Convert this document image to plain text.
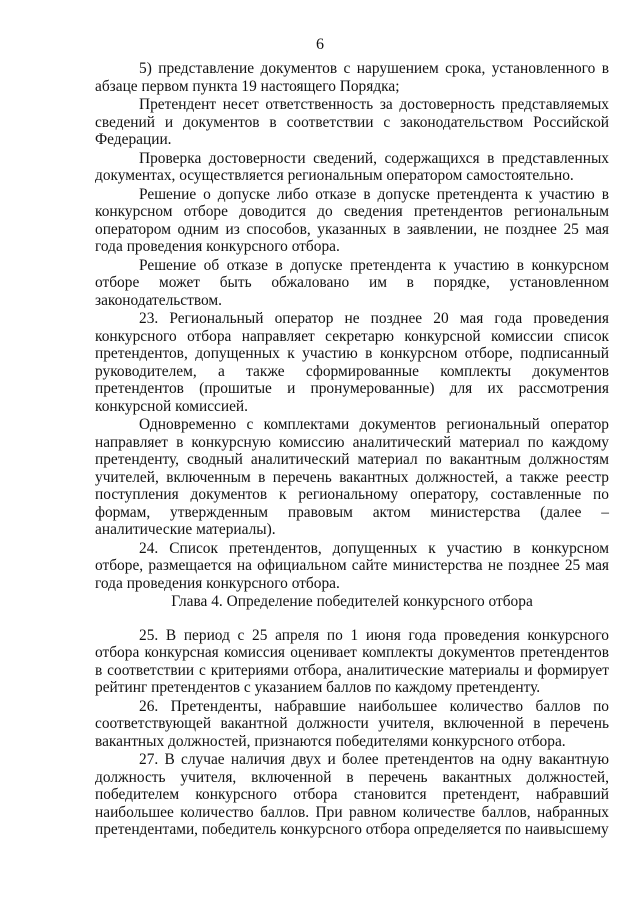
6

5) представление документов с нарушением срока, установленного в абзаце первом пункта 19 настоящего Порядка;

Претендент несет ответственность за достоверность представляемых сведений и документов в соответствии с законодательством Российской Федерации.

Проверка достоверности сведений, содержащихся в представленных документах, осуществляется региональным оператором самостоятельно.

Решение о допуске либо отказе в допуске претендента к участию в конкурсном отборе доводится до сведения претендентов региональным оператором одним из способов, указанных в заявлении, не позднее 25 мая года проведения конкурсного отбора.

Решение об отказе в допуске претендента к участию в конкурсном отборе может быть обжаловано им в порядке, установленном законодательством.

23. Региональный оператор не позднее 20 мая года проведения конкурсного отбора направляет секретарю конкурсной комиссии список претендентов, допущенных к участию в конкурсном отборе, подписанный руководителем, а также сформированные комплекты документов претендентов (прошитые и пронумерованные) для их рассмотрения конкурсной комиссией.

Одновременно с комплектами документов региональный оператор направляет в конкурсную комиссию аналитический материал по каждому претенденту, сводный аналитический материал по вакантным должностям учителей, включенным в перечень вакантных должностей, а также реестр поступления документов к региональному оператору, составленные по формам, утвержденным правовым актом министерства (далее – аналитические материалы).

24. Список претендентов, допущенных к участию в конкурсном отборе, размещается на официальном сайте министерства не позднее 25 мая года проведения конкурсного отбора.

Глава 4. Определение победителей конкурсного отбора

25. В период с 25 апреля по 1 июня года проведения конкурсного отбора конкурсная комиссия оценивает комплекты документов претендентов в соответствии с критериями отбора, аналитические материалы и формирует рейтинг претендентов с указанием баллов по каждому претенденту.

26. Претенденты, набравшие наибольшее количество баллов по соответствующей вакантной должности учителя, включенной в перечень вакантных должностей, признаются победителями конкурсного отбора.

27. В случае наличия двух и более претендентов на одну вакантную должность учителя, включенной в перечень вакантных должностей, победителем конкурсного отбора становится претендент, набравший наибольшее количество баллов. При равном количестве баллов, набранных претендентами, победитель конкурсного отбора определяется по наивысшему
